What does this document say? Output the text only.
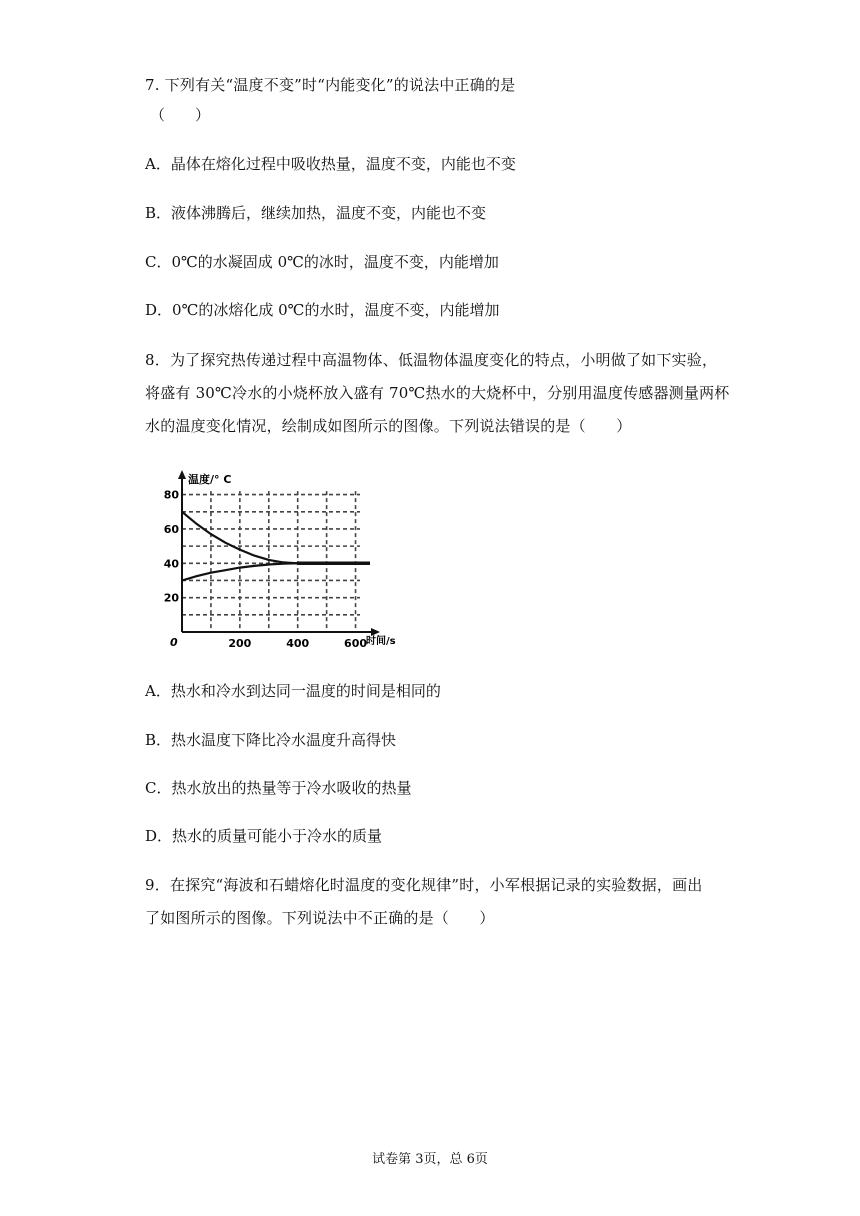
7. 下列有关“温度不变”时“内能变化”的说法中正确的是
（　　）
A．晶体在熔化过程中吸收热量，温度不变，内能也不变
B．液体沸腾后，继续加热，温度不变，内能也不变
C．0℃的水凝固成 0℃的冰时，温度不变，内能增加
D．0℃的冰熔化成 0℃的水时，温度不变，内能增加
8．为了探究热传递过程中高温物体、低温物体温度变化的特点，小明做了如下实验，
将盛有 30℃冷水的小烧杯放入盛有 70℃热水的大烧杯中，分别用温度传感器测量两杯
水的温度变化情况，绘制成如图所示的图像。下列说法错误的是（　　）
温度/° C
时间/s
0
20
40
60
80
200	400	600
A．热水和冷水到达同一温度的时间是相同的
B．热水温度下降比冷水温度升高得快
C．热水放出的热量等于冷水吸收的热量
D．热水的质量可能小于冷水的质量
9．在探究“海波和石蜡熔化时温度的变化规律”时，小军根据记录的实验数据，画出
了如图所示的图像。下列说法中不正确的是（　　）
试卷第 3页，总 6页
